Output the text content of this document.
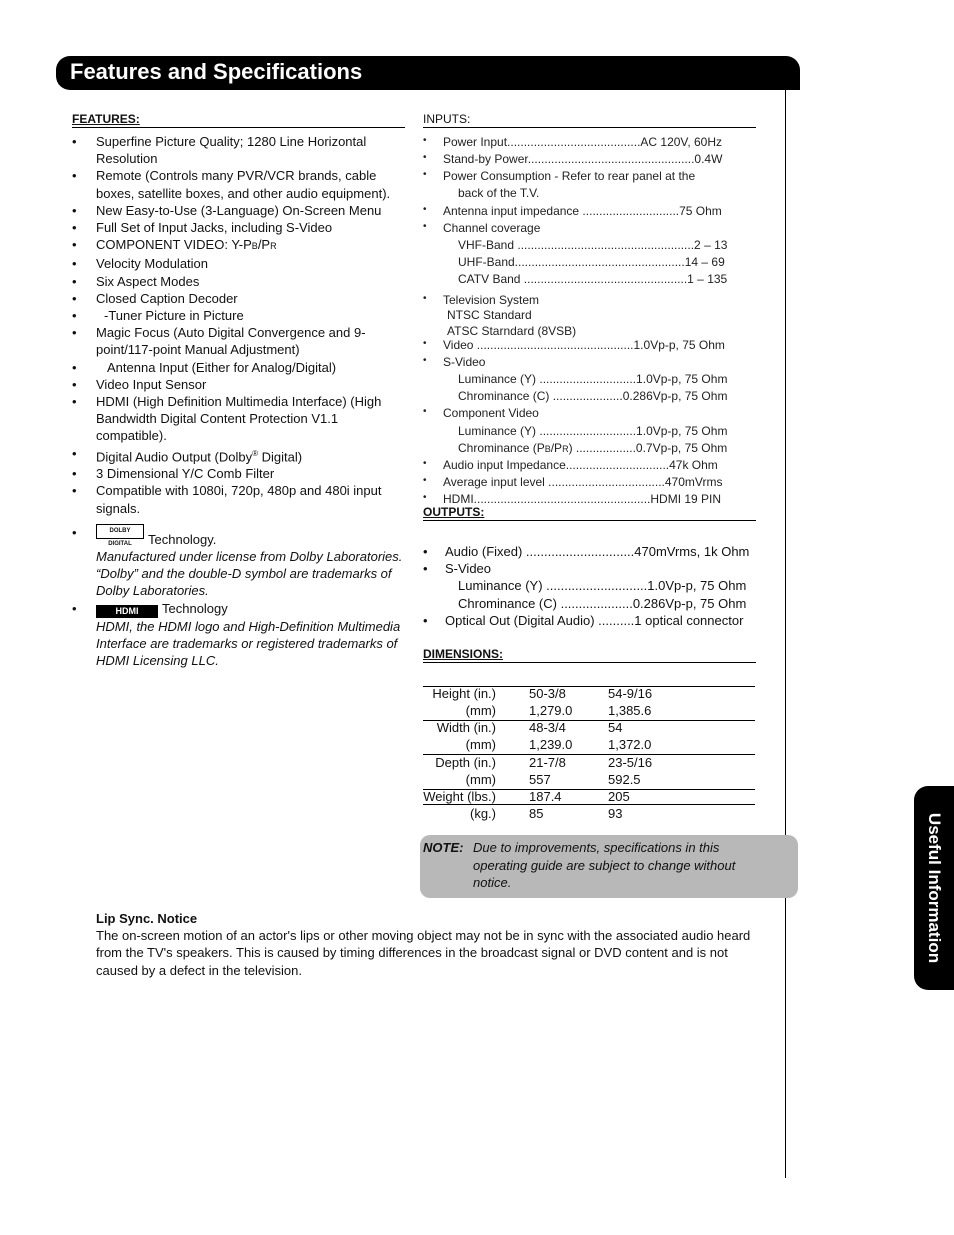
Features and Specifications
Useful Information
FEATURES:
• Superfine Picture Quality; 1280 Line Horizontal Resolution
• Remote (Controls many PVR/VCR brands, cable boxes, satellite boxes, and other audio equipment).
• New Easy-to-Use (3-Language) On-Screen Menu
• Full Set of Input Jacks, including S-Video
• COMPONENT VIDEO: Y-PB/PR
• Velocity Modulation
• Six Aspect Modes
• Closed Caption Decoder
• -Tuner Picture in Picture
• Magic Focus (Auto Digital Convergence and 9-point/117-point Manual Adjustment)
• Antenna Input (Either for Analog/Digital)
• Video Input Sensor
• HDMI (High Definition Multimedia Interface) (High Bandwidth Digital Content Protection V1.1 compatible).
• Digital Audio Output (Dolby® Digital)
• 3 Dimensional Y/C Comb Filter
• Compatible with 1080i, 720p, 480p and 480i input signals.
•	DOLBY DIGITAL Technology.
Manufactured under license from Dolby Laboratories. “Dolby” and the double-D symbol are trademarks of Dolby Laboratories.
•	HDMI Technology
HDMI, the HDMI logo and High-Definition Multimedia Interface are trademarks or registered trademarks of HDMI Licensing LLC.
INPUTS:
• Power Input........................................AC 120V, 60Hz
• Stand-by Power..................................................0.4W
• Power Consumption - Refer to rear panel at the
back of the T.V.
• Antenna input impedance .............................75 Ohm
• Channel coverage
VHF-Band .....................................................2 – 13
UHF-Band...................................................14 – 69
CATV Band .................................................1 – 135
• Television System
NTSC Standard
ATSC Starndard (8VSB)
• Video ...............................................1.0Vp-p, 75 Ohm
• S-Video
Luminance (Y) .............................1.0Vp-p, 75 Ohm
Chrominance (C) .....................0.286Vp-p, 75 Ohm
• Component Video
Luminance (Y) .............................1.0Vp-p, 75 Ohm
Chrominance (PB/PR) ..................0.7Vp-p, 75 Ohm
• Audio input Impedance...............................47k Ohm
• Average input level ...................................470mVrms
• HDMI.....................................................HDMI 19 PIN
OUTPUTS:
• Audio (Fixed) ..............................470mVrms, 1k Ohm
• S-Video
Luminance (Y) ............................1.0Vp-p, 75 Ohm
Chrominance (C) ....................0.286Vp-p, 75 Ohm
• Optical Out (Digital Audio) ..........1 optical connector
DIMENSIONS:
Height (in.)	50-3/8	54-9/16
(mm)	1,279.0	1,385.6
Width (in.)	48-3/4	54
(mm)	1,239.0	1,372.0
Depth (in.)	21-7/8	23-5/16
(mm)	557	592.5
Weight (lbs.)	187.4	205
(kg.)	85	93
NOTE: Due to improvements, specifications in this operating guide are subject to change without notice.
Lip Sync. Notice
The on-screen motion of an actor's lips or other moving object may not be in sync with the associated audio heard from the TV's speakers. This is caused by timing differences in the broadcast signal or DVD content and is not caused by a defect in the television.
